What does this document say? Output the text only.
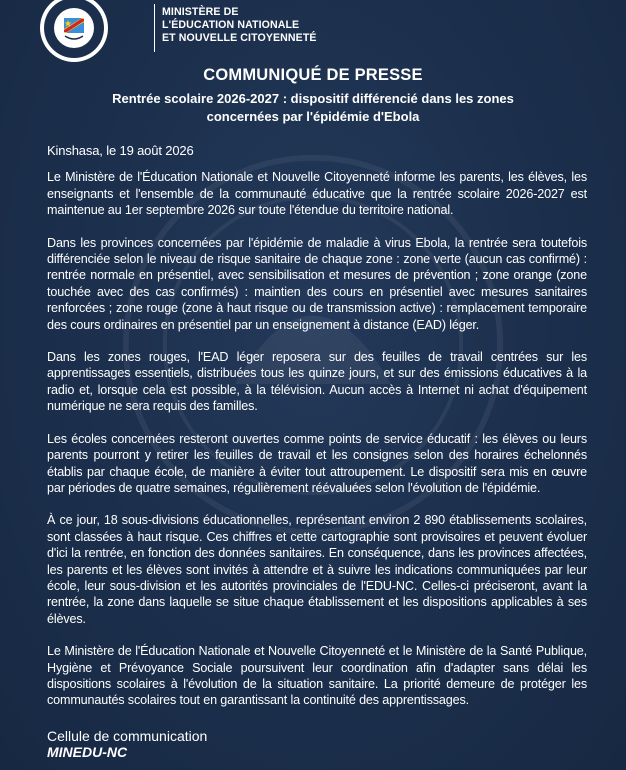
MINISTÈRE DE
L'ÉDUCATION NATIONALE
ET NOUVELLE CITOYENNETÉ
COMMUNIQUÉ DE PRESSE
Rentrée scolaire 2026-2027 : dispositif différencié dans les zones
concernées par l'épidémie d'Ebola

Kinshasa, le 19 août 2026

Le Ministère de l'Éducation Nationale et Nouvelle Citoyenneté informe les parents, les élèves, les enseignants et l'ensemble de la communauté éducative que la rentrée scolaire 2026-2027 est maintenue au 1er septembre 2026 sur toute l'étendue du territoire national.

Dans les provinces concernées par l'épidémie de maladie à virus Ebola, la rentrée sera toutefois différenciée selon le niveau de risque sanitaire de chaque zone : zone verte (aucun cas confirmé) : rentrée normale en présentiel, avec sensibilisation et mesures de prévention ; zone orange (zone touchée avec des cas confirmés) : maintien des cours en présentiel avec mesures sanitaires renforcées ; zone rouge (zone à haut risque ou de transmission active) : remplacement temporaire des cours ordinaires en présentiel par un enseignement à distance (EAD) léger.

Dans les zones rouges, l'EAD léger reposera sur des feuilles de travail centrées sur les apprentissages essentiels, distribuées tous les quinze jours, et sur des émissions éducatives à la radio et, lorsque cela est possible, à la télévision. Aucun accès à Internet ni achat d'équipement numérique ne sera requis des familles.

Les écoles concernées resteront ouvertes comme points de service éducatif : les élèves ou leurs parents pourront y retirer les feuilles de travail et les consignes selon des horaires échelonnés établis par chaque école, de manière à éviter tout attroupement. Le dispositif sera mis en œuvre par périodes de quatre semaines, régulièrement réévaluées selon l'évolution de l'épidémie.

À ce jour, 18 sous-divisions éducationnelles, représentant environ 2 890 établissements scolaires, sont classées à haut risque. Ces chiffres et cette cartographie sont provisoires et peuvent évoluer d'ici la rentrée, en fonction des données sanitaires. En conséquence, dans les provinces affectées, les parents et les élèves sont invités à attendre et à suivre les indications communiquées par leur école, leur sous-division et les autorités provinciales de l'EDU-NC. Celles-ci préciseront, avant la rentrée, la zone dans laquelle se situe chaque établissement et les dispositions applicables à ses élèves.

Le Ministère de l'Éducation Nationale et Nouvelle Citoyenneté et le Ministère de la Santé Publique, Hygiène et Prévoyance Sociale poursuivent leur coordination afin d'adapter sans délai les dispositions scolaires à l'évolution de la situation sanitaire. La priorité demeure de protéger les communautés scolaires tout en garantissant la continuité des apprentissages.

Cellule de communication
MINEDU-NC
